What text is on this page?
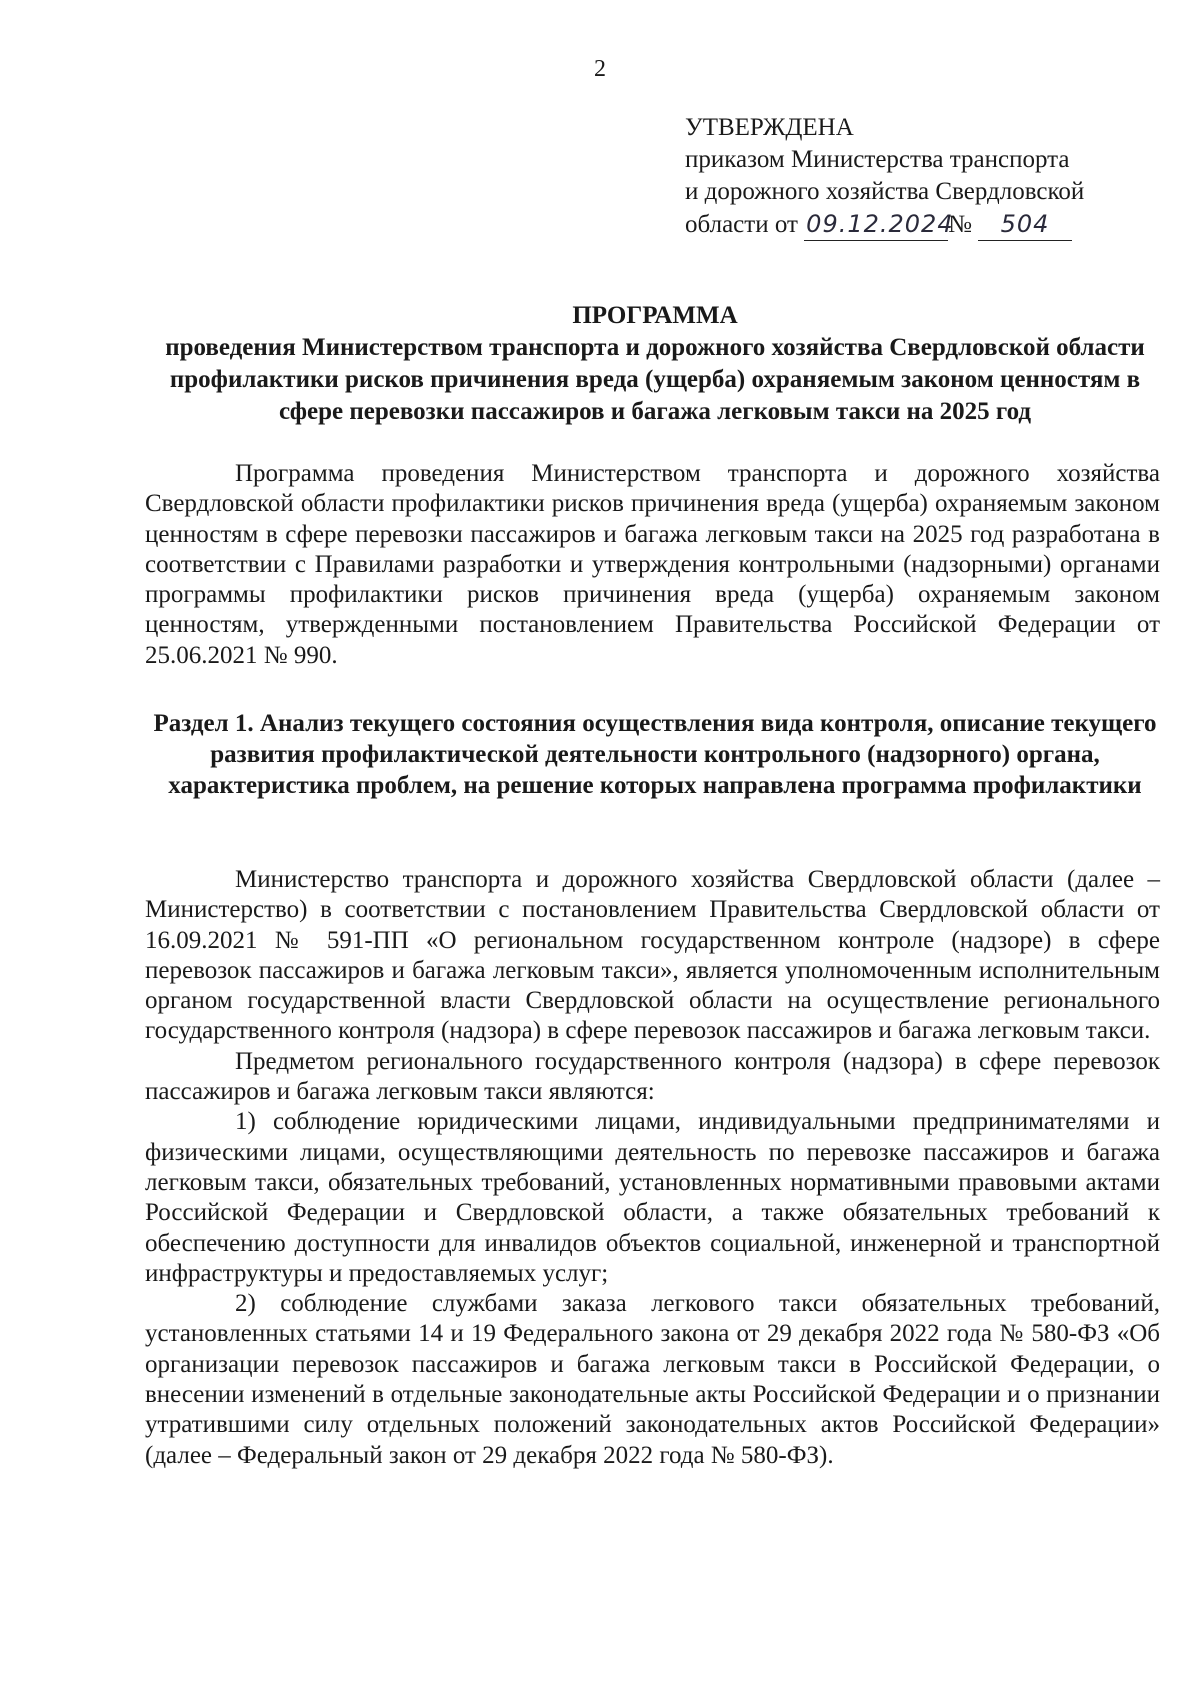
2
УТВЕРЖДЕНА
приказом Министерства транспорта
и дорожного хозяйства Свердловской
области от 09.12.2024№ 504

ПРОГРАММА

проведения Министерством транспорта и дорожного хозяйства Свердловской области профилактики рисков причинения вреда (ущерба) охраняемым законом ценностям в сфере перевозки пассажиров и багажа легковым такси на 2025 год

Программа проведения Министерством транспорта и дорожного хозяйства Свердловской области профилактики рисков причинения вреда (ущерба) охраняемым законом ценностям в сфере перевозки пассажиров и багажа легковым такси на 2025 год разработана в соответствии с Правилами разработки и утверждения контрольными (надзорными) органами программы профилактики рисков причинения вреда (ущерба) охраняемым законом ценностям, утвержденными постановлением Правительства Российской Федерации от 25.06.2021 № 990.

Раздел 1. Анализ текущего состояния осуществления вида контроля, описание текущего развития профилактической деятельности контрольного (надзорного) органа, характеристика проблем, на решение которых направлена программа профилактики

Министерство транспорта и дорожного хозяйства Свердловской области (далее – Министерство) в соответствии с постановлением Правительства Свердловской области от 16.09.2021 № 591-ПП «О региональном государственном контроле (надзоре) в сфере перевозок пассажиров и багажа легковым такси», является уполномоченным исполнительным органом государственной власти Свердловской области на осуществление регионального государственного контроля (надзора) в сфере перевозок пассажиров и багажа легковым такси.

Предметом регионального государственного контроля (надзора) в сфере перевозок пассажиров и багажа легковым такси являются:

1) соблюдение юридическими лицами, индивидуальными предпринимателями и физическими лицами, осуществляющими деятельность по перевозке пассажиров и багажа легковым такси, обязательных требований, установленных нормативными правовыми актами Российской Федерации и Свердловской области, а также обязательных требований к обеспечению доступности для инвалидов объектов социальной, инженерной и транспортной инфраструктуры и предоставляемых услуг;

2) соблюдение службами заказа легкового такси обязательных требований, установленных статьями 14 и 19 Федерального закона от 29 декабря 2022 года № 580-ФЗ «Об организации перевозок пассажиров и багажа легковым такси в Российской Федерации, о внесении изменений в отдельные законодательные акты Российской Федерации и о признании утратившими силу отдельных положений законодательных актов Российской Федерации» (далее – Федеральный закон от 29 декабря 2022 года № 580-ФЗ).
